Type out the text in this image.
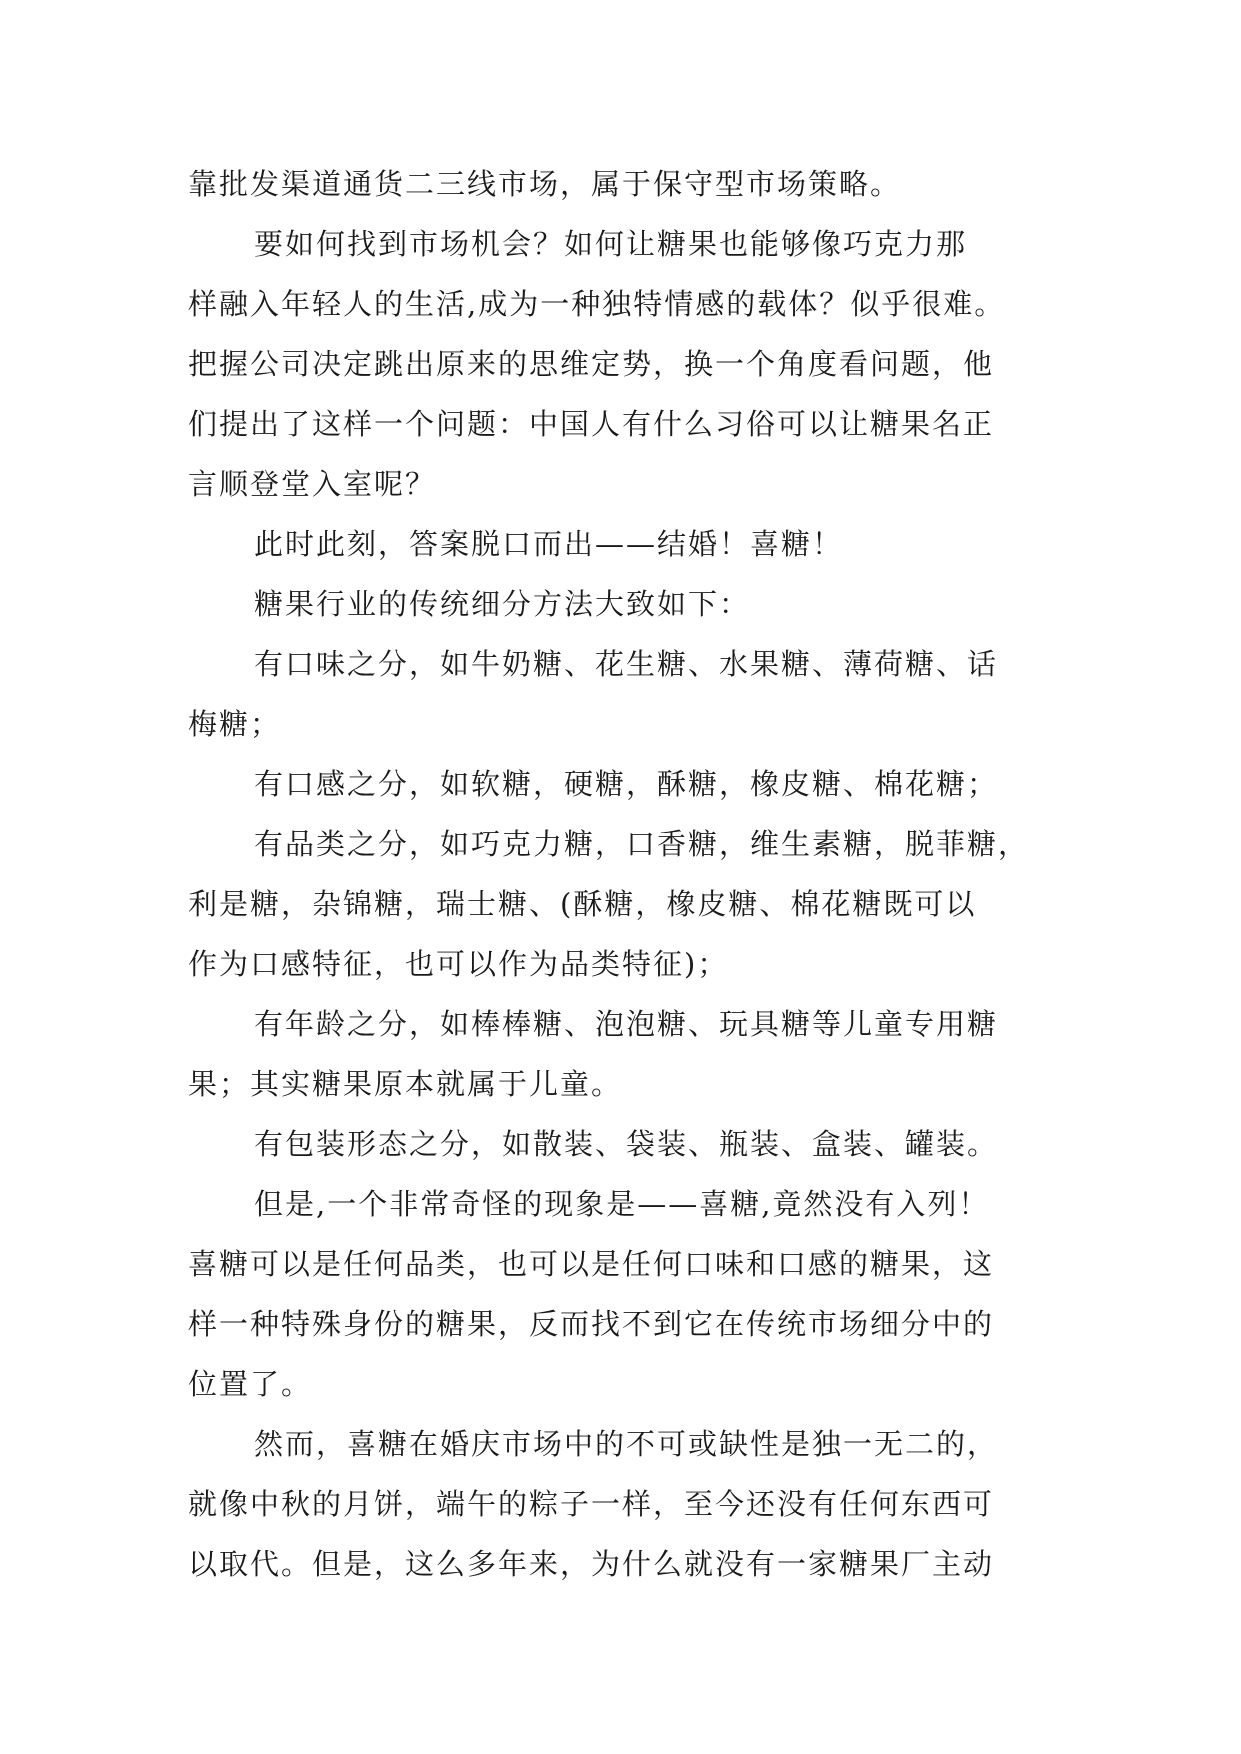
靠批发渠道通货二三线市场，属于保守型市场策略。
要如何找到市场机会？如何让糖果也能够像巧克力那
样融入年轻人的生活,成为一种独特情感的载体？似乎很难。
把握公司决定跳出原来的思维定势，换一个角度看问题，他
们提出了这样一个问题：中国人有什么习俗可以让糖果名正
言顺登堂入室呢？
此时此刻，答案脱口而出——结婚！喜糖！
糖果行业的传统细分方法大致如下：
有口味之分，如牛奶糖、花生糖、水果糖、薄荷糖、话
梅糖；
有口感之分，如软糖，硬糖，酥糖，橡皮糖、棉花糖；
有品类之分，如巧克力糖，口香糖，维生素糖，脱菲糖，
利是糖，杂锦糖，瑞士糖、(酥糖，橡皮糖、棉花糖既可以
作为口感特征，也可以作为品类特征)；
有年龄之分，如棒棒糖、泡泡糖、玩具糖等儿童专用糖
果；其实糖果原本就属于儿童。
有包装形态之分，如散装、袋装、瓶装、盒装、罐装。
但是,一个非常奇怪的现象是——喜糖,竟然没有入列！
喜糖可以是任何品类，也可以是任何口味和口感的糖果，这
样一种特殊身份的糖果，反而找不到它在传统市场细分中的
位置了。
然而，喜糖在婚庆市场中的不可或缺性是独一无二的，
就像中秋的月饼，端午的粽子一样，至今还没有任何东西可
以取代。但是，这么多年来，为什么就没有一家糖果厂主动
